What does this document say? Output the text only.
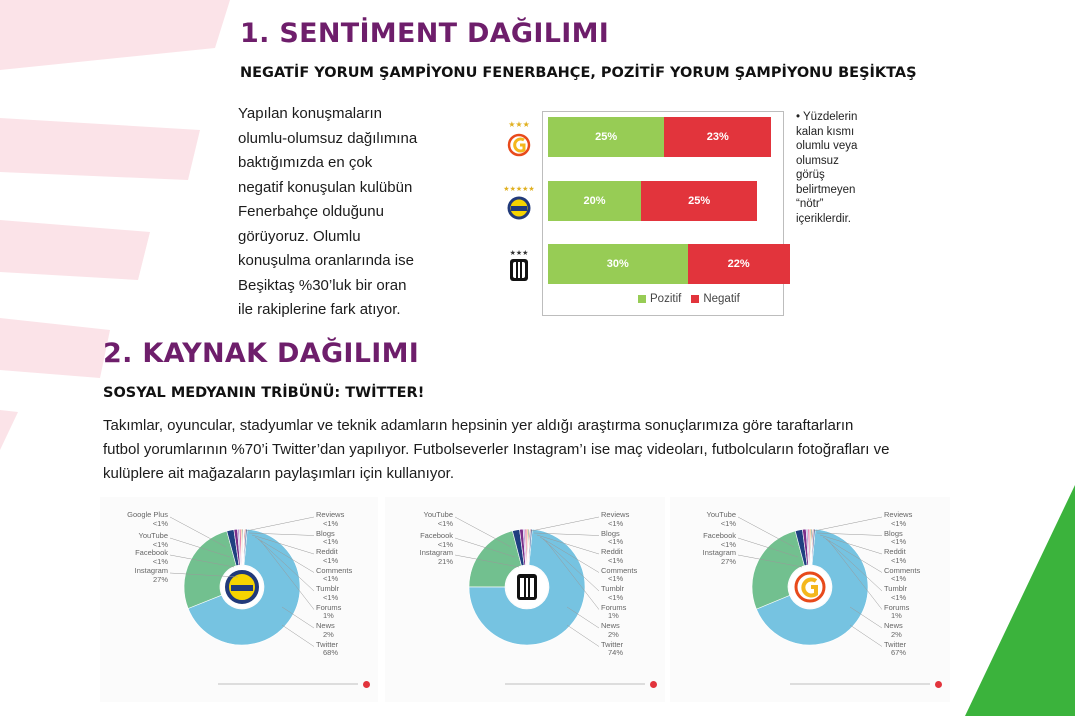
1. SENTİMENT DAĞILIMI
NEGATİF YORUM ŞAMPİYONU FENERBAHÇE, POZİTİF YORUM ŞAMPİYONU BEŞİKTAŞ
Yapılan konuşmaların
olumlu-olumsuz dağılımına
baktığımızda en çok
negatif konuşulan kulübün
Fenerbahçe olduğunu
görüyoruz. Olumlu
konuşulma oranlarında ise
Beşiktaş %30’luk bir oran
ile rakiplerine fark atıyor.
★★★
★★★★★
★★★
25%	23%
20%	25%
30%	22%
Pozitif Negatif
• Yüzdelerin
kalan kısmı
olumlu veya
olumsuz
görüş
belirtmeyen
“nötr”
içeriklerdir.
2. KAYNAK DAĞILIMI
SOSYAL MEDYANIN TRİBÜNÜ: TWİTTER!
Takımlar, oyuncular, stadyumlar ve teknik adamların hepsinin yer aldığı araştırma sonuçlarımıza göre taraftarların
futbol yorumlarının %70’i Twitter’dan yapılıyor. Futbolseverler Instagram’ı ise maç videoları, futbolcuların fotoğrafları ve
kulüplere ait mağazaların paylaşımları için kullanıyor.
Google Plus
<1%
YouTube
<1%
Facebook
<1%
Instagram
27%
Reviews
<1%
Blogs
<1%
Reddit
<1%
Comments
<1%
Tumblr
<1%
Forums
1%
News
2%
Twitter
68%
YouTube
<1%
Facebook
<1%
Instagram
21%
Reviews
<1%
Blogs
<1%
Reddit
<1%
Comments
<1%
Tumblr
<1%
Forums
1%
News
2%
Twitter
74%
YouTube
<1%
Facebook
<1%
Instagram
27%
Reviews
<1%
Blogs
<1%
Reddit
<1%
Comments
<1%
Tumblr
<1%
Forums
1%
News
2%
Twitter
67%
